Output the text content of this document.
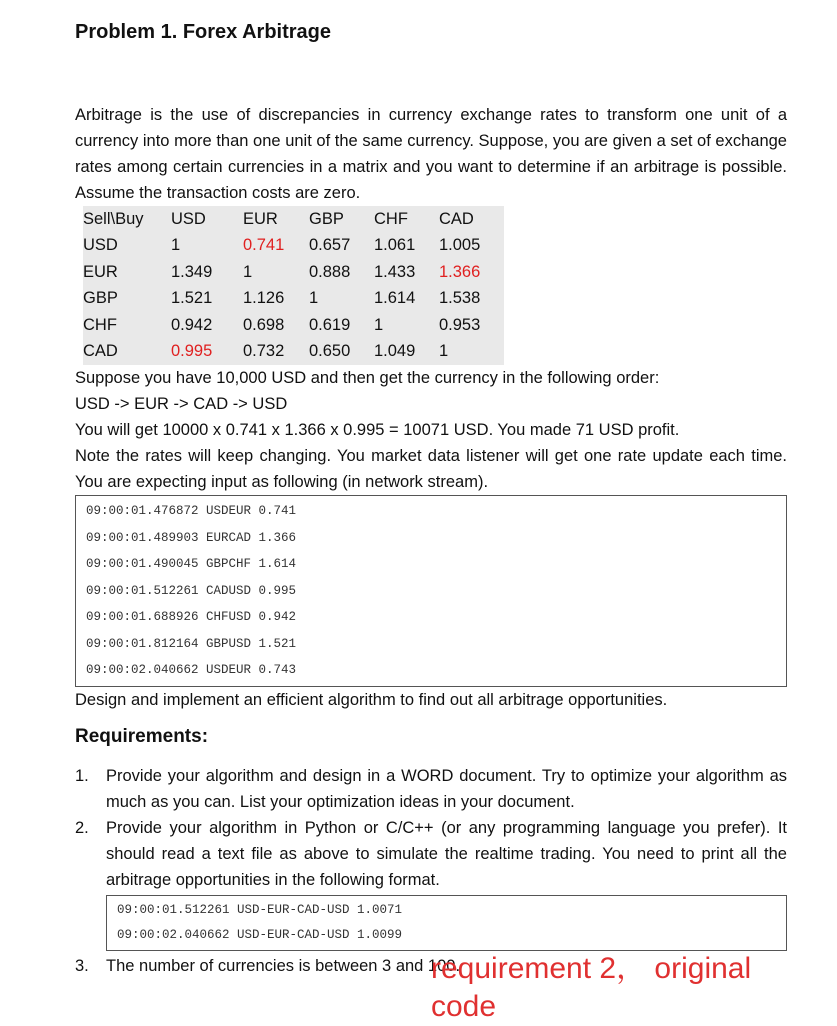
Problem 1. Forex Arbitrage

Arbitrage is the use of discrepancies in currency exchange rates to transform one unit of a currency into more than one unit of the same currency. Suppose, you are given a set of exchange rates among certain currencies in a matrix and you want to determine if an arbitrage is possible. Assume the transaction costs are zero.

Sell\Buy	USD	EUR	GBP	CHF	CAD
USD	1	0.741	0.657	1.061	1.005
EUR	1.349	1	0.888	1.433	1.366
GBP	1.521	1.126	1	1.614	1.538
CHF	0.942	0.698	0.619	1	0.953
CAD	0.995	0.732	0.650	1.049	1

Suppose you have 10,000 USD and then get the currency in the following order:

USD -> EUR -> CAD -> USD

You will get 10000 x 0.741 x 1.366 x 0.995 = 10071 USD. You made 71 USD profit.

Note the rates will keep changing. You market data listener will get one rate update each time. You are expecting input as following (in network stream).

09:00:01.476872 USDEUR 0.741
09:00:01.489903 EURCAD 1.366
09:00:01.490045 GBPCHF 1.614
09:00:01.512261 CADUSD 0.995
09:00:01.688926 CHFUSD 0.942
09:00:01.812164 GBPUSD 1.521
09:00:02.040662 USDEUR 0.743

Design and implement an efficient algorithm to find out all arbitrage opportunities.

Requirements:
1. Provide your algorithm and design in a WORD document. Try to optimize your algorithm as much as you can. List your optimization ideas in your document.
2. Provide your algorithm in Python or C/C++ (or any programming language you prefer). It should read a text file as above to simulate the realtime trading. You need to print all the arbitrage opportunities in the following format.
09:00:01.512261 USD-EUR-CAD-USD 1.0071
09:00:02.040662 USD-EUR-CAD-USD 1.0099
3. The number of currencies is between 3 and 100.
requirement 2， original
code
